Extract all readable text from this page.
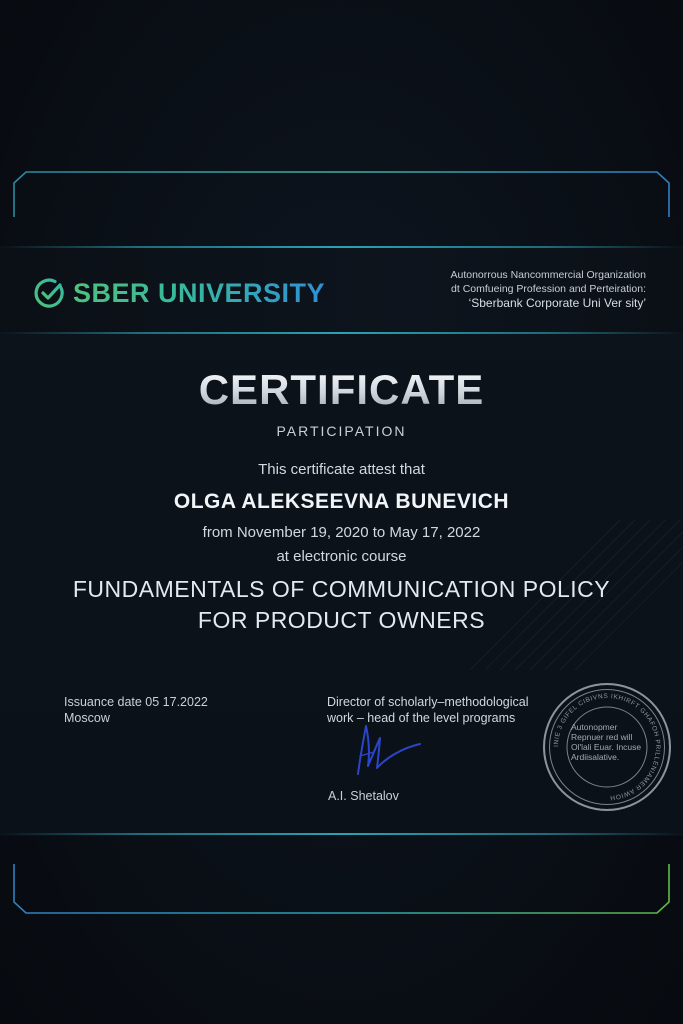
SBER UNIVERSITY
Autonorrous Nancommercial Organization
dt Comfueing Profession and Perteiration:
‘Sberbank Corporate Uni Ver sity’
CERTIFICATE
PARTICIPATION
This certificate attest that
OLGA ALEKSEEVNA BUNEVICH
from November 19, 2020 to May 17, 2022
at electronic course
FUNDAMENTALS OF COMMUNICATION POLICY
FOR PRODUCT OWNERS
Issuance date 05 17.2022
Moscow
Director of scholarly–methodological
work – head of the level programs
A.I. Shetalov
INIЕ 3 GIFEL CIBIVNS IKHIRFT GHAFOH PRILLENIAMER AWIOH
Autonopmer
Repnuer red will
Ol'lali Euar. Incuse
Ardiisalative.
